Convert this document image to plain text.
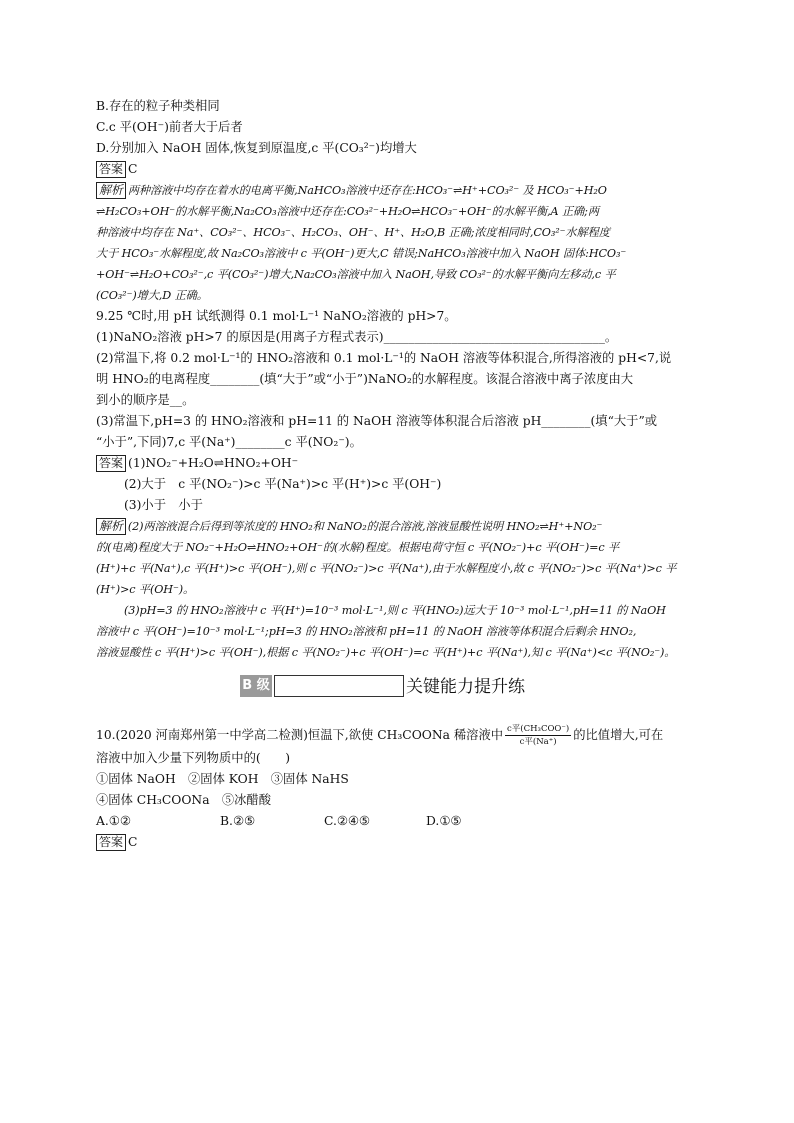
B.存在的粒子种类相同
C.c 平(OH⁻)前者大于后者
D.分别加入 NaOH 固体,恢复到原温度,c 平(CO₃²⁻)均增大
答案 C
解析 两种溶液中均存在着水的电离平衡,NaHCO₃溶液中还存在:HCO₃⁻⇌H⁺+CO₃²⁻ 及 HCO₃⁻+H₂O
⇌H₂CO₃+OH⁻的水解平衡,Na₂CO₃溶液中还存在:CO₃²⁻+H₂O⇌HCO₃⁻+OH⁻的水解平衡,A 正确;两
种溶液中均存在 Na⁺、CO₃²⁻、HCO₃⁻、H₂CO₃、OH⁻、H⁺、H₂O,B 正确;浓度相同时,CO₃²⁻水解程度
大于 HCO₃⁻水解程度,故 Na₂CO₃溶液中 c 平(OH⁻)更大,C 错误;NaHCO₃溶液中加入 NaOH 固体:HCO₃⁻
+OH⁻⇌H₂O+CO₃²⁻,c 平(CO₃²⁻)增大,Na₂CO₃溶液中加入 NaOH,导致 CO₃²⁻的水解平衡向左移动,c 平
(CO₃²⁻)增大,D 正确。
9.25 ℃时,用 pH 试纸测得 0.1 mol·L⁻¹ NaNO₂溶液的 pH>7。
(1)NaNO₂溶液 pH>7 的原因是(用离子方程式表示)____________________________________。
(2)常温下,将 0.2 mol·L⁻¹的 HNO₂溶液和 0.1 mol·L⁻¹的 NaOH 溶液等体积混合,所得溶液的 pH<7,说
明 HNO₂的电离程度________(填“大于”或“小于”)NaNO₂的水解程度。该混合溶液中离子浓度由大
到小的顺序是__。
(3)常温下,pH=3 的 HNO₂溶液和 pH=11 的 NaOH 溶液等体积混合后溶液 pH________(填“大于”或
“小于”,下同)7,c 平(Na⁺)________c 平(NO₂⁻)。
答案 (1)NO₂⁻+H₂O⇌HNO₂+OH⁻
(2)大于　c 平(NO₂⁻)>c 平(Na⁺)>c 平(H⁺)>c 平(OH⁻)
(3)小于　小于
解析 (2)两溶液混合后得到等浓度的 HNO₂和 NaNO₂的混合溶液,溶液显酸性说明 HNO₂⇌H⁺+NO₂⁻
的(电离)程度大于 NO₂⁻+H₂O⇌HNO₂+OH⁻的(水解)程度。根据电荷守恒 c 平(NO₂⁻)+c 平(OH⁻)=c 平
(H⁺)+c 平(Na⁺),c 平(H⁺)>c 平(OH⁻),则 c 平(NO₂⁻)>c 平(Na⁺),由于水解程度小,故 c 平(NO₂⁻)>c 平(Na⁺)>c 平
(H⁺)>c 平(OH⁻)。
(3)pH=3 的 HNO₂溶液中 c 平(H⁺)=10⁻³ mol·L⁻¹,则 c 平(HNO₂)远大于 10⁻³ mol·L⁻¹,pH=11 的 NaOH
溶液中 c 平(OH⁻)=10⁻³ mol·L⁻¹;pH=3 的 HNO₂溶液和 pH=11 的 NaOH 溶液等体积混合后剩余 HNO₂,
溶液显酸性 c 平(H⁺)>c 平(OH⁻),根据 c 平(NO₂⁻)+c 平(OH⁻)=c 平(H⁺)+c 平(Na⁺),知 c 平(Na⁺)<c 平(NO₂⁻)。
B 级	关键能力提升练
10.(2020 河南郑州第一中学高二检测)恒温下,欲使 CH₃COONa 稀溶液中 $\frac{\text{c平(CH₃COO⁻)}}{\text{c平(Na⁺)}}$ 的比值增大,可在
溶液中加入少量下列物质中的(　　)
①固体 NaOH　②固体 KOH　③固体 NaHS
④固体 CH₃COONa　⑤冰醋酸
A.①②	B.②⑤	C.②④⑤	D.①⑤
答案 C
